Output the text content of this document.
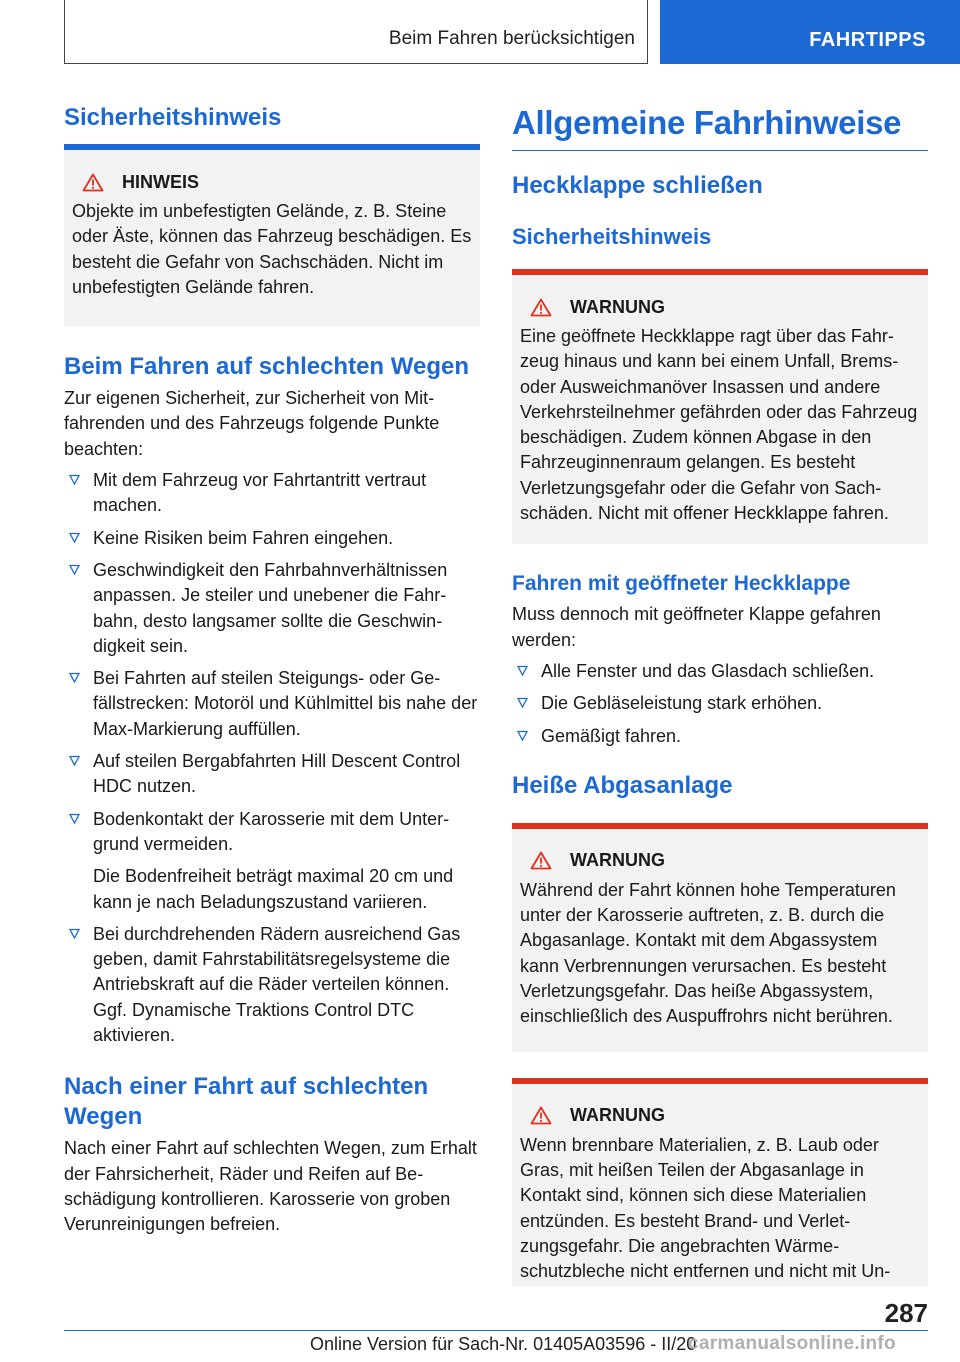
Beim Fahren berücksichtigen	FAHRTIPPS
Sicherheitshinweis
HINWEIS

Objekte im unbefestigten Gelände, z. B. Steine oder Äste, können das Fahrzeug beschädigen. Es besteht die Gefahr von Sachschäden. Nicht im unbefestigten Gelände fahren.

Beim Fahren auf schlechten Wegen

Zur eigenen Sicherheit, zur Sicherheit von Mitfahrenden und des Fahrzeugs folgende Punkte beachten:

Mit dem Fahrzeug vor Fahrtantritt vertraut machen.
Keine Risiken beim Fahren eingehen.
Geschwindigkeit den Fahrbahnverhältnissen anpassen. Je steiler und unebener die Fahrbahn, desto langsamer sollte die Geschwindigkeit sein.
Bei Fahrten auf steilen Steigungs- oder Gefällstrecken: Motoröl und Kühlmittel bis nahe der Max-Markierung auffüllen.
Auf steilen Bergabfahrten Hill Descent Control HDC nutzen.
Bodenkontakt der Karosserie mit dem Untergrund vermeiden.
Die Bodenfreiheit beträgt maximal 20 cm und kann je nach Beladungszustand variieren.
Bei durchdrehenden Rädern ausreichend Gas geben, damit Fahrstabilitätsregelsysteme die Antriebskraft auf die Räder verteilen können. Ggf. Dynamische Traktions Control DTC aktivieren.
Nach einer Fahrt auf schlechten Wegen

Nach einer Fahrt auf schlechten Wegen, zum Erhalt der Fahrsicherheit, Räder und Reifen auf Beschädigung kontrollieren. Karosserie von groben Verunreinigungen befreien.

Allgemeine Fahrhinweise
Heckklappe schließen
Sicherheitshinweis
WARNUNG

Eine geöffnete Heckklappe ragt über das Fahrzeug hinaus und kann bei einem Unfall, Brems- oder Ausweichmanöver Insassen und andere Verkehrsteilnehmer gefährden oder das Fahrzeug beschädigen. Zudem können Abgase in den Fahrzeuginnenraum gelangen. Es besteht Verletzungsgefahr oder die Gefahr von Sachschäden. Nicht mit offener Heckklappe fahren.

Fahren mit geöffneter Heckklappe

Muss dennoch mit geöffneter Klappe gefahren werden:

Alle Fenster und das Glasdach schließen.
Die Gebläseleistung stark erhöhen.
Gemäßigt fahren.
Heiße Abgasanlage
WARNUNG

Während der Fahrt können hohe Temperaturen unter der Karosserie auftreten, z. B. durch die Abgasanlage. Kontakt mit dem Abgassystem kann Verbrennungen verursachen. Es besteht Verletzungsgefahr. Das heiße Abgassystem, einschließlich des Auspuffrohrs nicht berühren.

WARNUNG

Wenn brennbare Materialien, z. B. Laub oder Gras, mit heißen Teilen der Abgasanlage in Kontakt sind, können sich diese Materialien entzünden. Es besteht Brand- und Verletzungsgefahr. Die angebrachten Wärmeschutzbleche nicht entfernen und nicht mit Un-

287
Online Version für Sach-Nr. 01405A03596 - II/20
carmanualsonline.info
